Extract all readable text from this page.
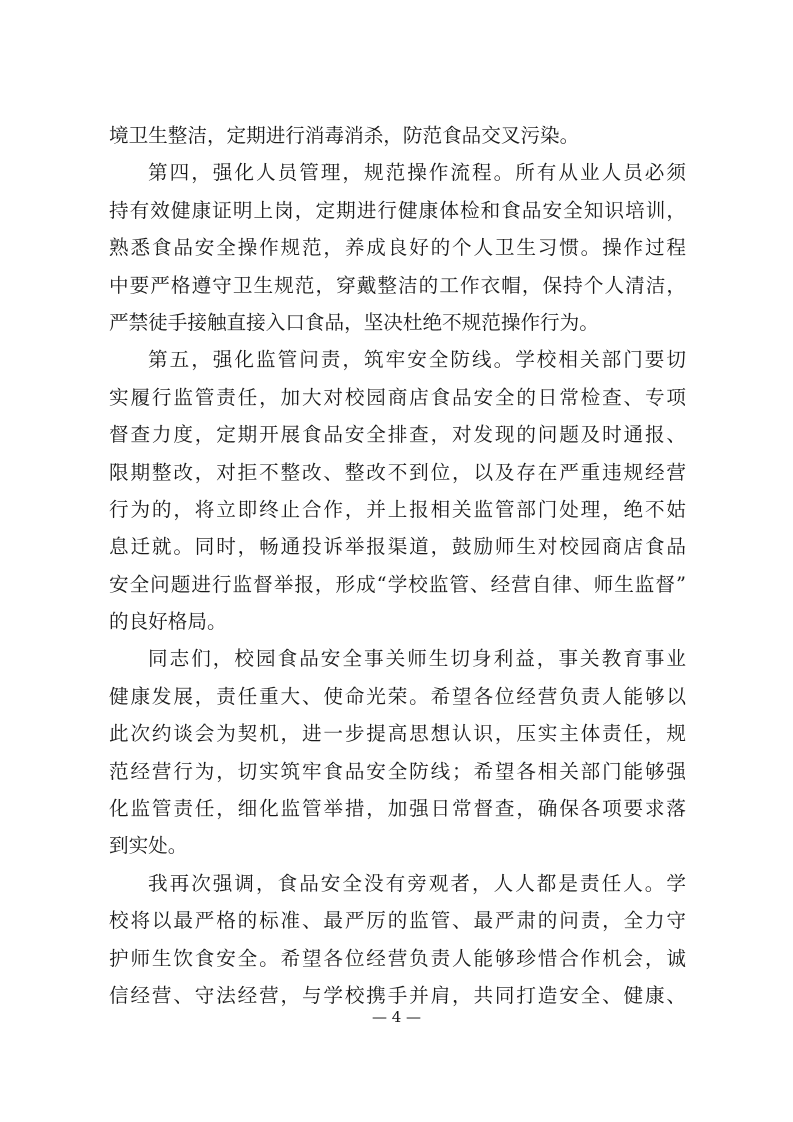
境卫生整洁，定期进行消毒消杀，防范食品交叉污染。
第四，强化人员管理，规范操作流程。所有从业人员必须
持有效健康证明上岗，定期进行健康体检和食品安全知识培训，
熟悉食品安全操作规范，养成良好的个人卫生习惯。操作过程
中要严格遵守卫生规范，穿戴整洁的工作衣帽，保持个人清洁，
严禁徒手接触直接入口食品，坚决杜绝不规范操作行为。
第五，强化监管问责，筑牢安全防线。学校相关部门要切
实履行监管责任，加大对校园商店食品安全的日常检查、专项
督查力度，定期开展食品安全排查，对发现的问题及时通报、
限期整改，对拒不整改、整改不到位，以及存在严重违规经营
行为的，将立即终止合作，并上报相关监管部门处理，绝不姑
息迁就。同时，畅通投诉举报渠道，鼓励师生对校园商店食品
安全问题进行监督举报，形成“学校监管、经营自律、师生监督”
的良好格局。
同志们，校园食品安全事关师生切身利益，事关教育事业
健康发展，责任重大、使命光荣。希望各位经营负责人能够以
此次约谈会为契机，进一步提高思想认识，压实主体责任，规
范经营行为，切实筑牢食品安全防线；希望各相关部门能够强
化监管责任，细化监管举措，加强日常督查，确保各项要求落
到实处。
我再次强调，食品安全没有旁观者，人人都是责任人。学
校将以最严格的标准、最严厉的监管、最严肃的问责，全力守
护师生饮食安全。希望各位经营负责人能够珍惜合作机会，诚
信经营、守法经营，与学校携手并肩，共同打造安全、健康、
— 4 —
